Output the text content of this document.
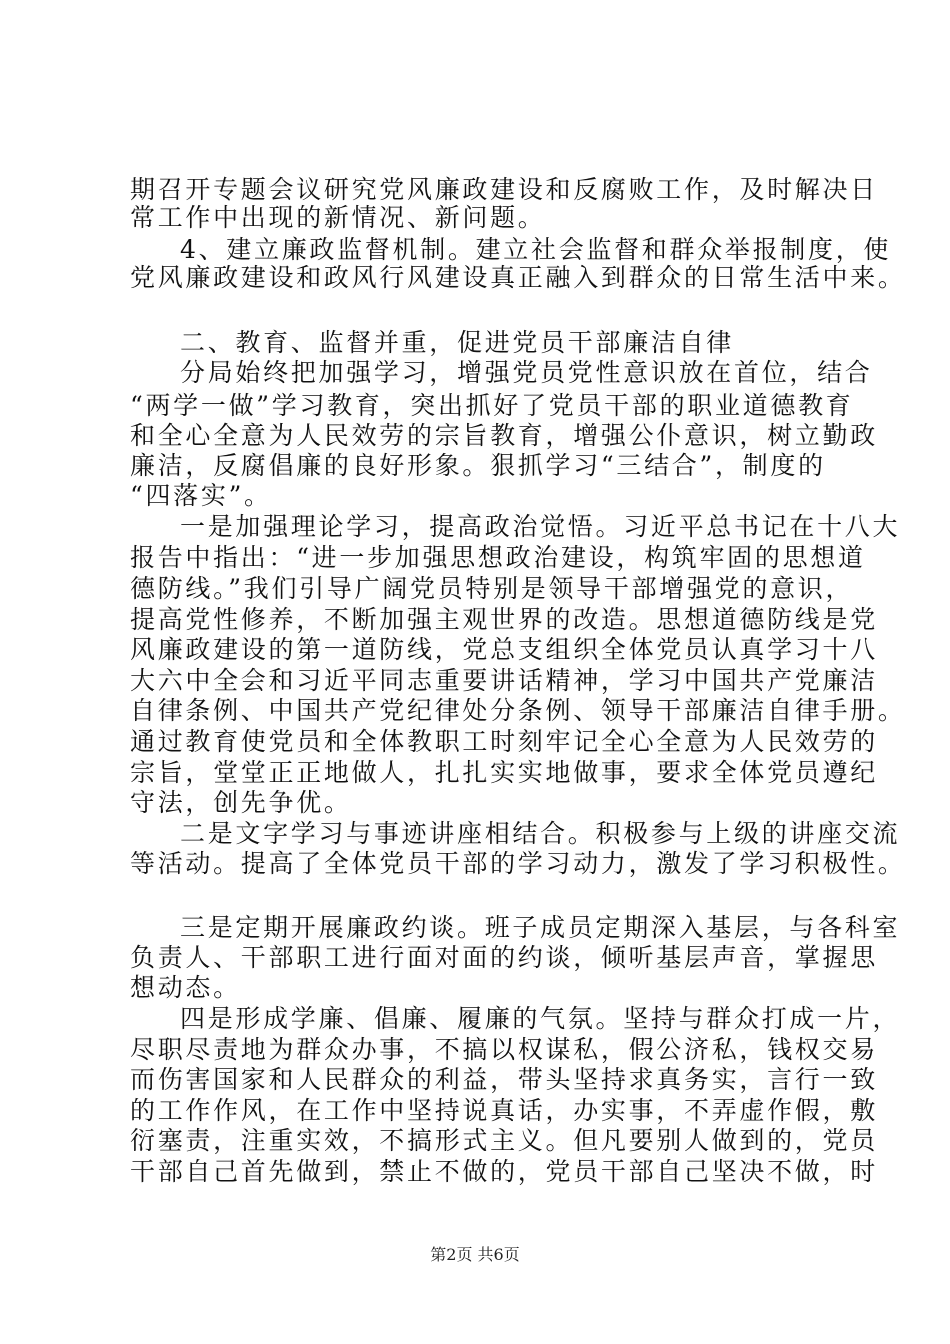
期召开专题会议研究党风廉政建设和反腐败工作，及时解决日
常工作中出现的新情况、新问题。
4、建立廉政监督机制。建立社会监督和群众举报制度，使
党风廉政建设和政风行风建设真正融入到群众的日常生活中来。
二、教育、监督并重，促进党员干部廉洁自律
分局始终把加强学习，增强党员党性意识放在首位，结合
“两学一做”学习教育，突出抓好了党员干部的职业道德教育
和全心全意为人民效劳的宗旨教育，增强公仆意识，树立勤政
廉洁，反腐倡廉的良好形象。狠抓学习“三结合”，制度的
“四落实”。
一是加强理论学习，提高政治觉悟。习近平总书记在十八大
报告中指出：“进一步加强思想政治建设，构筑牢固的思想道
德防线。”我们引导广阔党员特别是领导干部增强党的意识，
提高党性修养，不断加强主观世界的改造。思想道德防线是党
风廉政建设的第一道防线，党总支组织全体党员认真学习十八
大六中全会和习近平同志重要讲话精神，学习中国共产党廉洁
自律条例、中国共产党纪律处分条例、领导干部廉洁自律手册。
通过教育使党员和全体教职工时刻牢记全心全意为人民效劳的
宗旨，堂堂正正地做人，扎扎实实地做事，要求全体党员遵纪
守法，创先争优。
二是文字学习与事迹讲座相结合。积极参与上级的讲座交流
等活动。提高了全体党员干部的学习动力，激发了学习积极性。
三是定期开展廉政约谈。班子成员定期深入基层，与各科室
负责人、干部职工进行面对面的约谈，倾听基层声音，掌握思
想动态。
四是形成学廉、倡廉、履廉的气氛。坚持与群众打成一片，
尽职尽责地为群众办事，不搞以权谋私，假公济私，钱权交易
而伤害国家和人民群众的利益，带头坚持求真务实，言行一致
的工作作风，在工作中坚持说真话，办实事，不弄虚作假，敷
衍塞责，注重实效，不搞形式主义。但凡要别人做到的，党员
干部自己首先做到，禁止不做的，党员干部自己坚决不做，时
第2页 共6页
